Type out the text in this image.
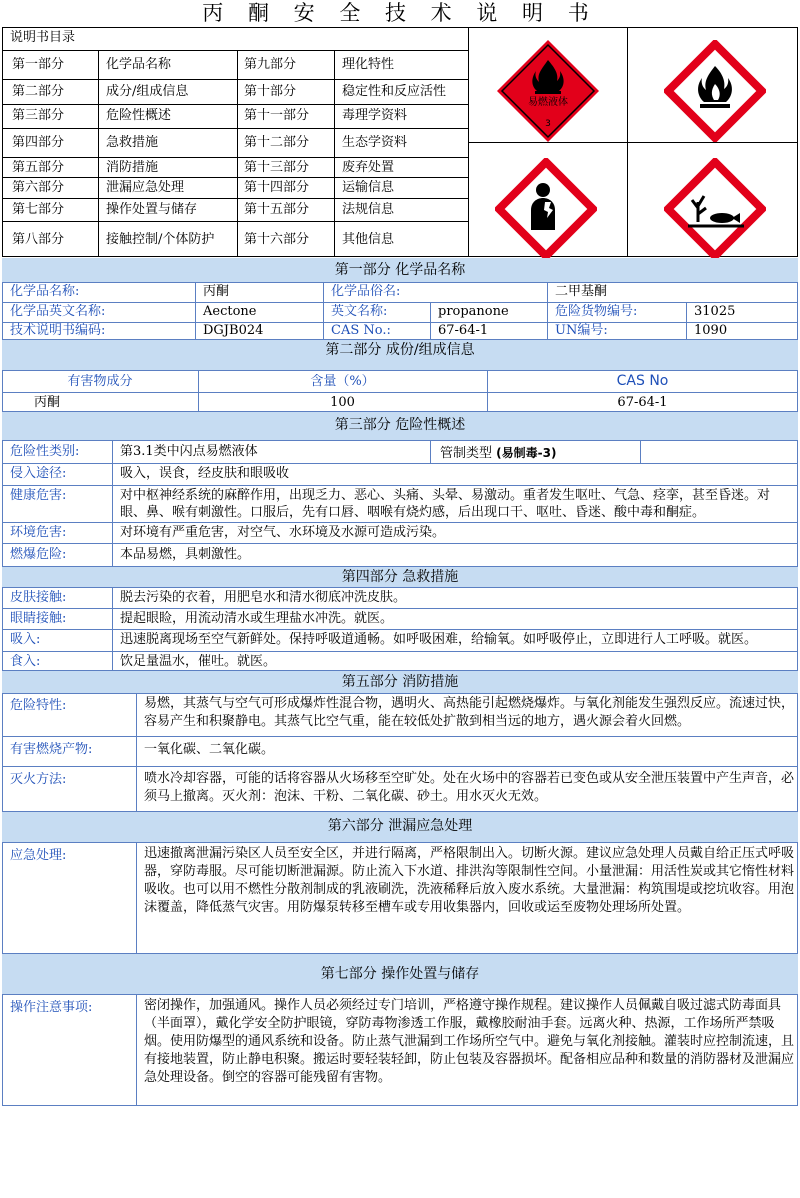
丙 酮 安 全 技 术 说 明 书
说明书目录
第一部分	化学品名称	第九部分	理化特性
第二部分	成分/组成信息	第十部分	稳定性和反应活性
第三部分	危险性概述	第十一部分	毒理学资料
第四部分	急救措施	第十二部分	生态学资料
第五部分	消防措施	第十三部分	废弃处置
第六部分	泄漏应急处理	第十四部分	运输信息
第七部分	操作处置与储存	第十五部分	法规信息
第八部分	接触控制/个体防护	第十六部分	其他信息
易燃液体
3
第一部分 化学品名称
化学品名称:	丙酮	化学品俗名:	二甲基酮
化学品英文名称:	Aectone	英文名称:	propanone	危险货物编号:	31025
技术说明书编码:	DGJB024	CAS No.:	67-64-1	UN编号:	1090
第二部分 成份/组成信息
有害物成分	含量（%）	CAS No
丙酮	100	67-64-1
第三部分 危险性概述
危险性类别:	第3.1类中闪点易燃液体	管制类型 (易制毒-3)
侵入途径:	吸入，误食，经皮肤和眼吸收
健康危害:	对中枢神经系统的麻醉作用，出现乏力、恶心、头痛、头晕、易激动。重者发生呕吐、气急、痉挛，甚至昏迷。对眼、鼻、喉有刺激性。口服后，先有口唇、咽喉有烧灼感，后出现口干、呕吐、昏迷、酸中毒和酮症。
环境危害:	对环境有严重危害，对空气、水环境及水源可造成污染。
燃爆危险:	本品易燃，具刺激性。
第四部分 急救措施
皮肤接触:	脱去污染的衣着，用肥皂水和清水彻底冲洗皮肤。
眼睛接触:	提起眼睑，用流动清水或生理盐水冲洗。就医。
吸入:	迅速脱离现场至空气新鲜处。保持呼吸道通畅。如呼吸困难，给输氧。如呼吸停止，立即进行人工呼吸。就医。
食入:	饮足量温水，催吐。就医。
第五部分 消防措施
危险特性:	易燃，其蒸气与空气可形成爆炸性混合物，遇明火、高热能引起燃烧爆炸。与氧化剂能发生强烈反应。流速过快，容易产生和积聚静电。其蒸气比空气重，能在较低处扩散到相当远的地方，遇火源会着火回燃。
有害燃烧产物:	一氧化碳、二氧化碳。
灭火方法:	喷水冷却容器，可能的话将容器从火场移至空旷处。处在火场中的容器若已变色或从安全泄压装置中产生声音，必须马上撤离。灭火剂：泡沫、干粉、二氧化碳、砂土。用水灭火无效。
第六部分 泄漏应急处理
应急处理:	迅速撤离泄漏污染区人员至安全区，并进行隔离，严格限制出入。切断火源。建议应急处理人员戴自给正压式呼吸器，穿防毒服。尽可能切断泄漏源。防止流入下水道、排洪沟等限制性空间。小量泄漏：用活性炭或其它惰性材料吸收。也可以用不燃性分散剂制成的乳液刷洗，洗液稀释后放入废水系统。大量泄漏：构筑围堤或挖坑收容。用泡沫覆盖，降低蒸气灾害。用防爆泵转移至槽车或专用收集器内，回收或运至废物处理场所处置。
第七部分 操作处置与储存
操作注意事项:	密闭操作，加强通风。操作人员必须经过专门培训，严格遵守操作规程。建议操作人员佩戴自吸过滤式防毒面具（半面罩），戴化学安全防护眼镜，穿防毒物渗透工作服，戴橡胶耐油手套。远离火种、热源，工作场所严禁吸烟。使用防爆型的通风系统和设备。防止蒸气泄漏到工作场所空气中。避免与氧化剂接触。灌装时应控制流速，且有接地装置，防止静电积聚。搬运时要轻装轻卸，防止包装及容器损坏。配备相应品种和数量的消防器材及泄漏应急处理设备。倒空的容器可能残留有害物。
